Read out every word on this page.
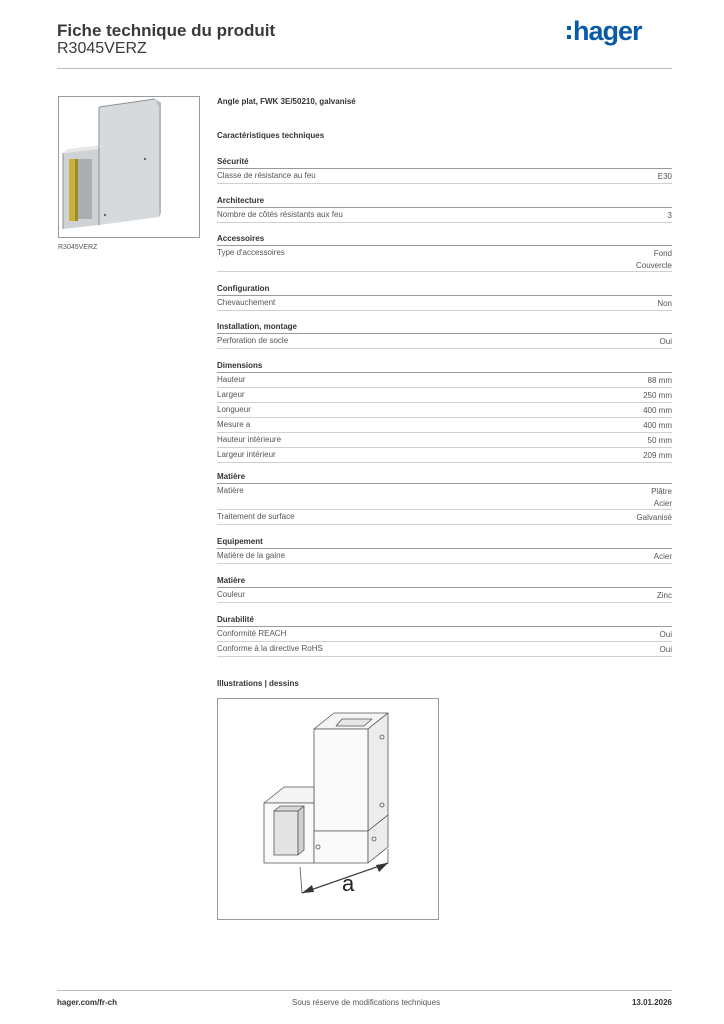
Fiche technique du produit
R3045VERZ
hager
R3045VERZ
Angle plat, FWK 3E/50210, galvanisé
Caractéristiques techniques
Sécurité
Classe de résistance au feu	E30
Architecture
Nombre de côtés résistants aux feu	3
Accessoires
Type d'accessoires	Fond
Couvercle
Configuration
Chevauchement	Non
Installation, montage
Perforation de socle	Oui
Dimensions
Hauteur	88 mm
Largeur	250 mm
Longueur	400 mm
Mesure a	400 mm
Hauteur intérieure	50 mm
Largeur intérieur	209 mm
Matière
Matière	Plâtre
Acier
Traitement de surface	Galvanisé
Equipement
Matière de la gaine	Acier
Matière
Couleur	Zinc
Durabilité
Conformité REACH	Oui
Conforme à la directive RoHS	Oui
Illustrations | dessins
a
hager.com/fr-ch	Sous réserve de modifications techniques	13.01.2026
